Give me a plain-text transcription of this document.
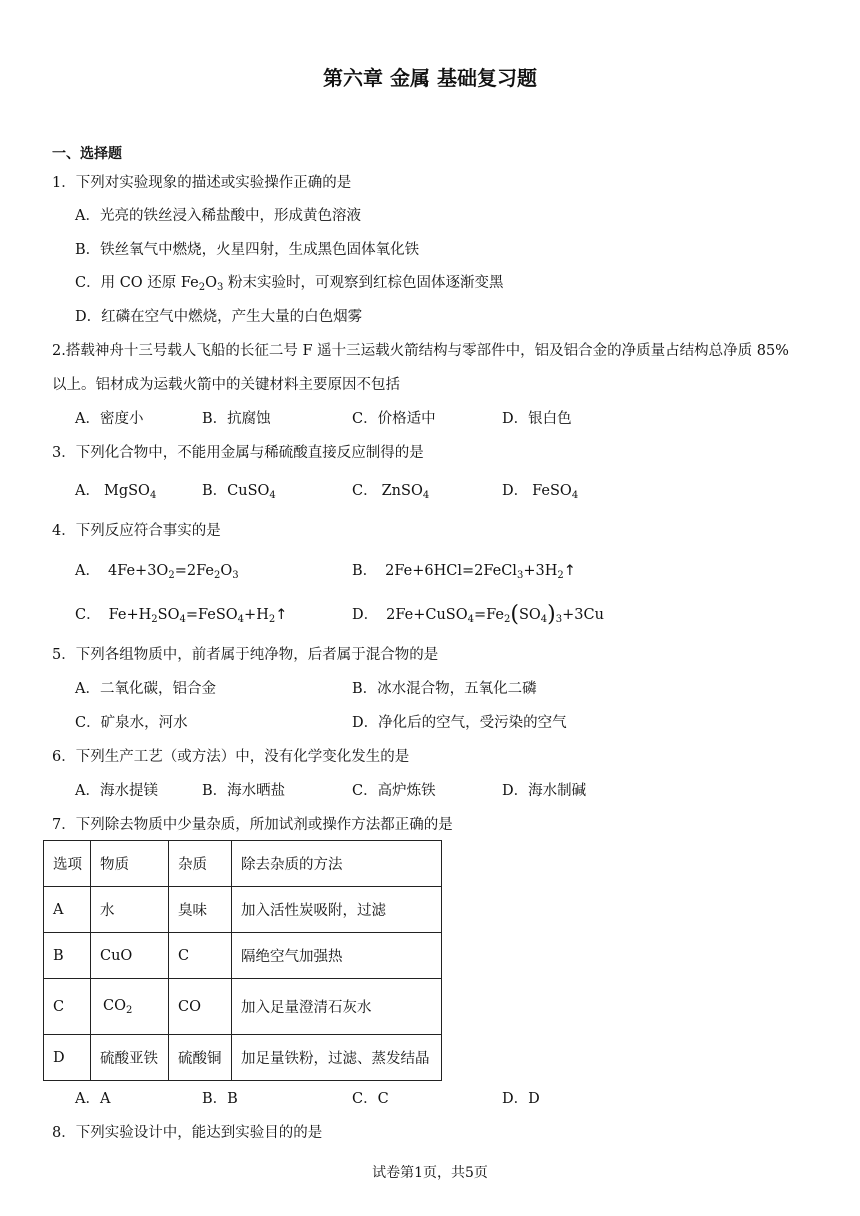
第六章 金属 基础复习题
一、选择题
1．下列对实验现象的描述或实验操作正确的是
A．光亮的铁丝浸入稀盐酸中，形成黄色溶液
B．铁丝氧气中燃烧，火星四射，生成黑色固体氧化铁
C．用 CO 还原 $Fe_2O_3$ 粉末实验时，可观察到红棕色固体逐渐变黑
D．红磷在空气中燃烧，产生大量的白色烟雾
2.搭载神舟十三号载人飞船的长征二号 F 遥十三运载火箭结构与零部件中，铝及铝合金的净质量占结构总净质 85%
以上。铝材成为运载火箭中的关键材料主要原因不包括
A．密度小	B．抗腐蚀	C．价格适中	D．银白色
3．下列化合物中，不能用金属与稀硫酸直接反应制得的是
A． MgSO$_4$	B．CuSO$_4$	C． ZnSO$_4$	D． FeSO$_4$
4．下列反应符合事实的是
A． $4Fe+3O_2=2Fe_2O_3$	B． $2Fe+6HCl=2FeCl_3+3H_2↑$
C． $Fe+H_2SO_4=FeSO_4+H_2↑$	D． $2Fe+CuSO_4=Fe_2(SO_4)_3+3Cu$
5．下列各组物质中，前者属于纯净物，后者属于混合物的是
A．二氧化碳，铝合金	B．冰水混合物，五氧化二磷
C．矿泉水，河水	D．净化后的空气，受污染的空气
6．下列生产工艺（或方法）中，没有化学变化发生的是
A．海水提镁	B．海水晒盐	C．高炉炼铁	D．海水制碱
7．下列除去物质中少量杂质，所加试剂或操作方法都正确的是
选项	物质	杂质	除去杂质的方法
A	水	臭味	加入活性炭吸附，过滤
B	CuO	C	隔绝空气加强热
C	$CO_2$	CO	加入足量澄清石灰水
D	硫酸亚铁	硫酸铜	加足量铁粉，过滤、蒸发结晶
A．A	B．B	C．C	D．D
8．下列实验设计中，能达到实验目的的是
试卷第1页，共5页
